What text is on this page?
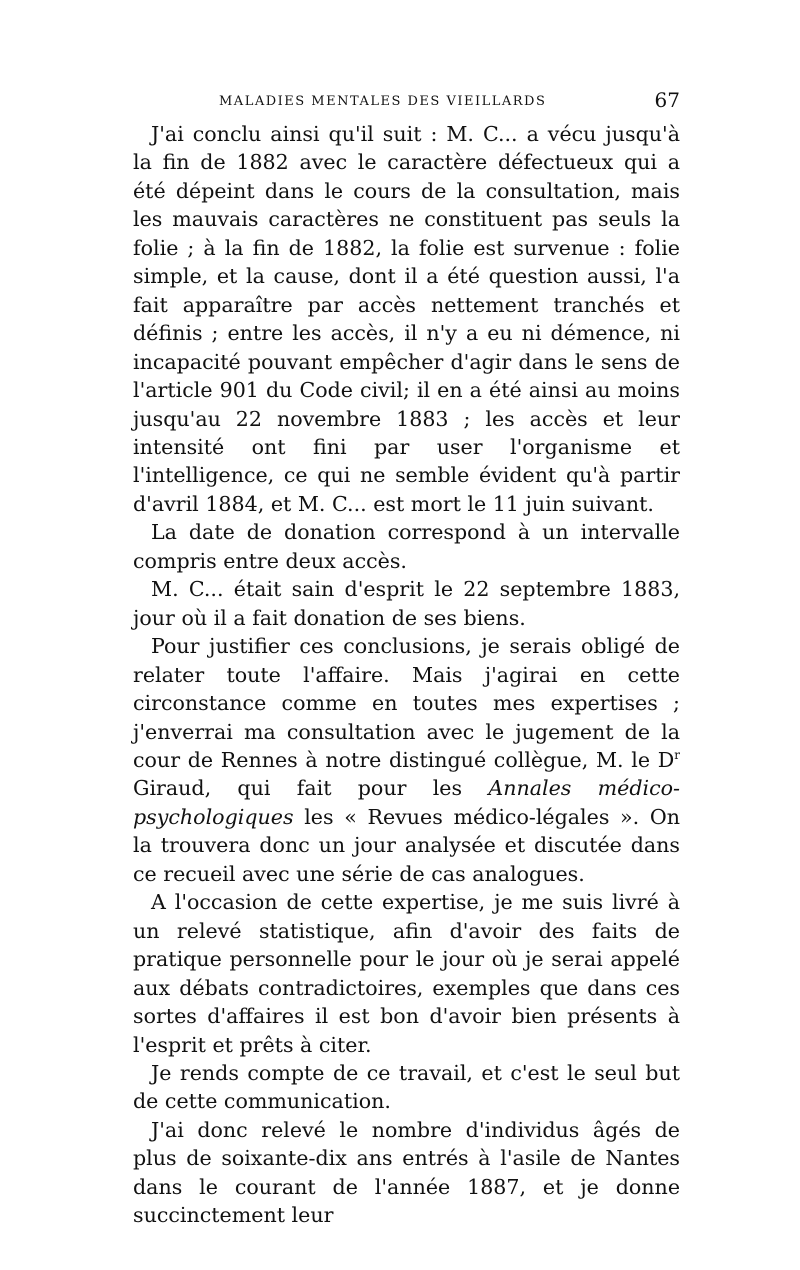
MALADIES MENTALES DES VIEILLARDS	67

J'ai conclu ainsi qu'il suit : M. C... a vécu jusqu'à la fin de 1882 avec le caractère défectueux qui a été dépeint dans le cours de la consultation, mais les mauvais caractères ne constituent pas seuls la folie ; à la fin de 1882, la folie est survenue : folie simple, et la cause, dont il a été question aussi, l'a fait apparaître par accès nettement tranchés et définis ; entre les accès, il n'y a eu ni démence, ni incapacité pouvant empêcher d'agir dans le sens de l'article 901 du Code civil; il en a été ainsi au moins jusqu'au 22 novembre 1883 ; les accès et leur intensité ont fini par user l'organisme et l'intelligence, ce qui ne semble évident qu'à partir d'avril 1884, et M. C... est mort le 11 juin suivant.

La date de donation correspond à un intervalle compris entre deux accès.

M. C... était sain d'esprit le 22 septembre 1883, jour où il a fait donation de ses biens.

Pour justifier ces conclusions, je serais obligé de relater toute l'affaire. Mais j'agirai en cette circonstance comme en toutes mes expertises ; j'enverrai ma consultation avec le jugement de la cour de Rennes à notre distingué collègue, M. le $D^r$ Giraud, qui fait pour les Annales médico-psychologiques les « Revues médico-légales ». On la trouvera donc un jour analysée et discutée dans ce recueil avec une série de cas analogues.

A l'occasion de cette expertise, je me suis livré à un relevé statistique, afin d'avoir des faits de pratique personnelle pour le jour où je serai appelé aux débats contradictoires, exemples que dans ces sortes d'affaires il est bon d'avoir bien présents à l'esprit et prêts à citer.

Je rends compte de ce travail, et c'est le seul but de cette communication.

J'ai donc relevé le nombre d'individus âgés de plus de soixante-dix ans entrés à l'asile de Nantes dans le courant de l'année 1887, et je donne succinctement leur
